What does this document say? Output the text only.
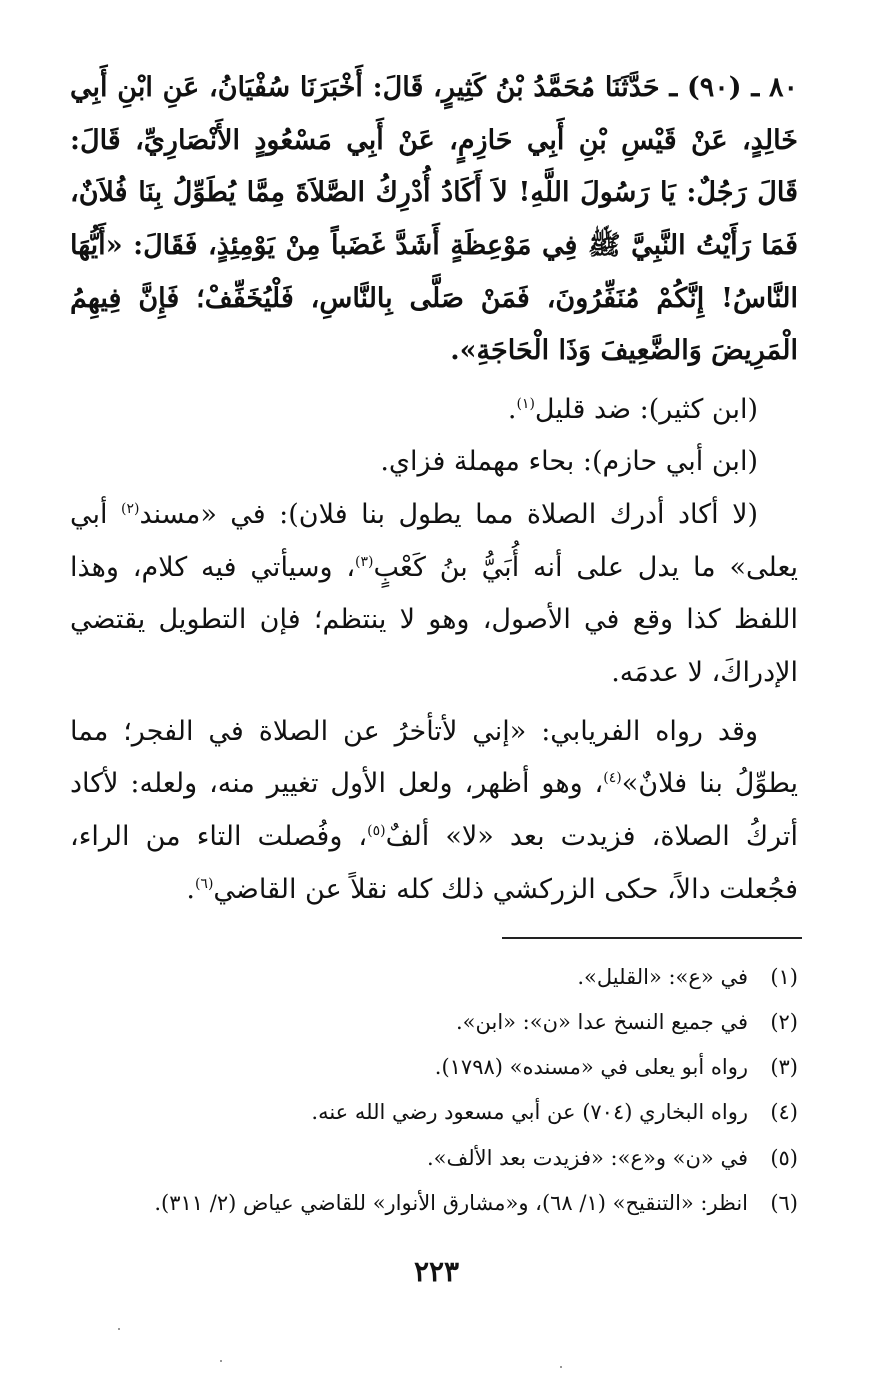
٨٠ ـ (٩٠) ـ حَدَّثَنَا مُحَمَّدُ بْنُ كَثِيرٍ، قَالَ: أَخْبَرَنَا سُفْيَانُ، عَنِ ابْنِ أَبِي خَالِدٍ، عَنْ قَيْسِ بْنِ أَبِي حَازِمٍ، عَنْ أَبِي مَسْعُودٍ الأَنْصَارِيِّ، قَالَ: قَالَ رَجُلٌ: يَا رَسُولَ اللَّهِ! لاَ أَكَادُ أُدْرِكُ الصَّلاَةَ مِمَّا يُطَوِّلُ بِنَا فُلاَنٌ، فَمَا رَأَيْتُ النَّبِيَّ ﷺ فِي مَوْعِظَةٍ أَشَدَّ غَضَباً مِنْ يَوْمِئِذٍ، فَقَالَ: «أَيُّهَا النَّاسُ! إِنَّكُمْ مُنَفِّرُونَ، فَمَنْ صَلَّى بِالنَّاسِ، فَلْيُخَفِّفْ؛ فَإِنَّ فِيهِمُ الْمَرِيضَ وَالضَّعِيفَ وَذَا الْحَاجَةِ».

(ابن كثير): ضد قليل$^{(١)}$.

(ابن أبي حازم): بحاء مهملة فزاي.

(لا أكاد أدرك الصلاة مما يطول بنا فلان): في «مسند$^{(٢)}$ أبي يعلى» ما يدل على أنه أُبَيُّ بنُ كَعْبٍ$^{(٣)}$، وسيأتي فيه كلام، وهذا اللفظ كذا وقع في الأصول، وهو لا ينتظم؛ فإن التطويل يقتضي الإدراكَ، لا عدمَه.

وقد رواه الفريابي: «إني لأتأخرُ عن الصلاة في الفجر؛ مما يطوِّلُ بنا فلانٌ»$^{(٤)}$، وهو أظهر، ولعل الأول تغيير منه، ولعله: لأكاد أتركُ الصلاة، فزيدت بعد «لا» ألفٌ$^{(٥)}$، وفُصلت التاء من الراء، فجُعلت دالاً، حكى الزركشي ذلك كله نقلاً عن القاضي$^{(٦)}$.

(١)
في «ع»: «القليل».
(٢)
في جميع النسخ عدا «ن»: «ابن».
(٣)
رواه أبو يعلى في «مسنده» (١٧٩٨).
(٤)
رواه البخاري (٧٠٤) عن أبي مسعود رضي الله عنه.
(٥)
في «ن» و«ع»: «فزيدت بعد الألف».
(٦)
انظر: «التنقيح» (١/ ٦٨)، و«مشارق الأنوار» للقاضي عياض (٢/ ٣١١).
٢٢٣
